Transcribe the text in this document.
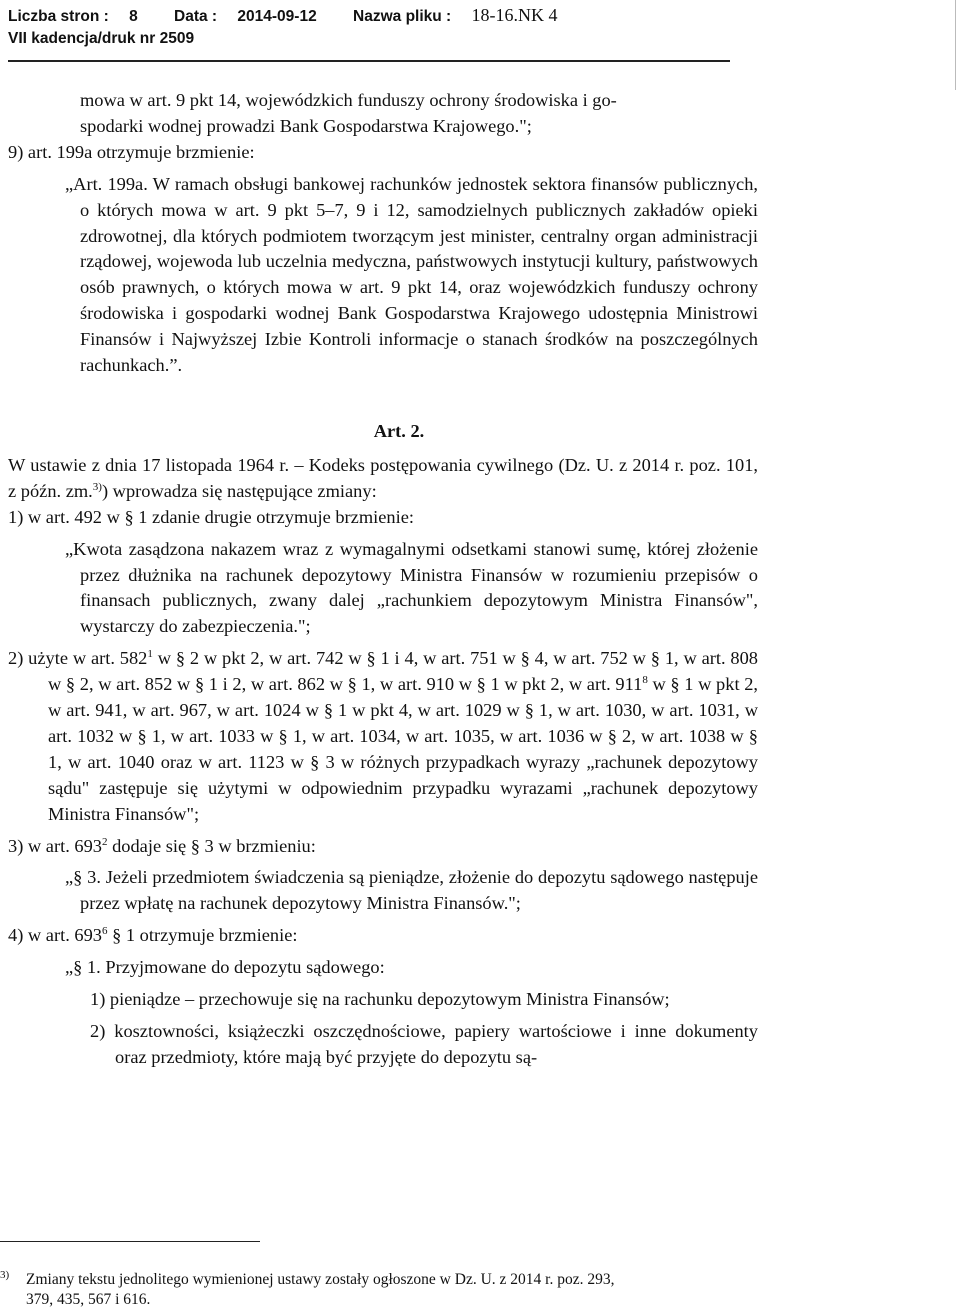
Liczba stron : 8 Data : 2014-09-12 Nazwa pliku : 18-16.NK 4
VII kadencja/druk nr 2509

mowa w art. 9 pkt 14, wojewódzkich funduszy ochrony środowiska i go-

spodarki wodnej prowadzi Bank Gospodarstwa Krajowego.";

9) art. 199a otrzymuje brzmienie:

„Art. 199a. W ramach obsługi bankowej rachunków jednostek sektora finansów publicznych, o których mowa w art. 9 pkt 5–7, 9 i 12, samodzielnych publicznych zakładów opieki zdrowotnej, dla których podmiotem tworzącym jest minister, centralny organ administracji rządowej, wojewoda lub uczelnia medyczna, państwowych instytucji kultury, państwowych osób prawnych, o których mowa w art. 9 pkt 14, oraz wojewódzkich funduszy ochrony środowiska i gospodarki wodnej Bank Gospodarstwa Krajowego udostępnia Ministrowi Finansów i Najwyższej Izbie Kontroli informacje o stanach środków na poszczególnych rachunkach.”.

Art. 2.

W ustawie z dnia 17 listopada 1964 r. – Kodeks postępowania cywilnego (Dz. U. z 2014 r. poz. 101, z późn. zm.$^{3)}$) wprowadza się następujące zmiany:

1) w art. 492 w § 1 zdanie drugie otrzymuje brzmienie:

„Kwota zasądzona nakazem wraz z wymagalnymi odsetkami stanowi sumę, której złożenie przez dłużnika na rachunek depozytowy Ministra Finansów w rozumieniu przepisów o finansach publicznych, zwany dalej „rachunkiem depozytowym Ministra Finansów", wystarczy do zabezpieczenia.";

2) użyte w art. $582^1$ w § 2 w pkt 2, w art. 742 w § 1 i 4, w art. 751 w § 4, w art. 752 w § 1, w art. 808 w § 2, w art. 852 w § 1 i 2, w art. 862 w § 1, w art. 910 w § 1 w pkt 2, w art. $911^8$ w § 1 w pkt 2, w art. 941, w art. 967, w art. 1024 w § 1 w pkt 4, w art. 1029 w § 1, w art. 1030, w art. 1031, w art. 1032 w § 1, w art. 1033 w § 1, w art. 1034, w art. 1035, w art. 1036 w § 2, w art. 1038 w § 1, w art. 1040 oraz w art. 1123 w § 3 w różnych przypadkach wyrazy „rachunek depozytowy sądu" zastępuje się użytymi w odpowiednim przypadku wyrazami „rachunek depozytowy Ministra Finansów";

3) w art. $693^2$ dodaje się § 3 w brzmieniu:

„§ 3. Jeżeli przedmiotem świadczenia są pieniądze, złożenie do depozytu sądowego następuje przez wpłatę na rachunek depozytowy Ministra Finansów.";

4) w art. $693^6$ § 1 otrzymuje brzmienie:

„§ 1. Przyjmowane do depozytu sądowego:

1) pieniądze – przechowuje się na rachunku depozytowym Ministra Finansów;

2) kosztowności, książeczki oszczędnościowe, papiery wartościowe i inne dokumenty oraz przedmioty, które mają być przyjęte do depozytu są-

3) Zmiany tekstu jednolitego wymienionej ustawy zostały ogłoszone w Dz. U. z 2014 r. poz. 293,
379, 435, 567 i 616.
